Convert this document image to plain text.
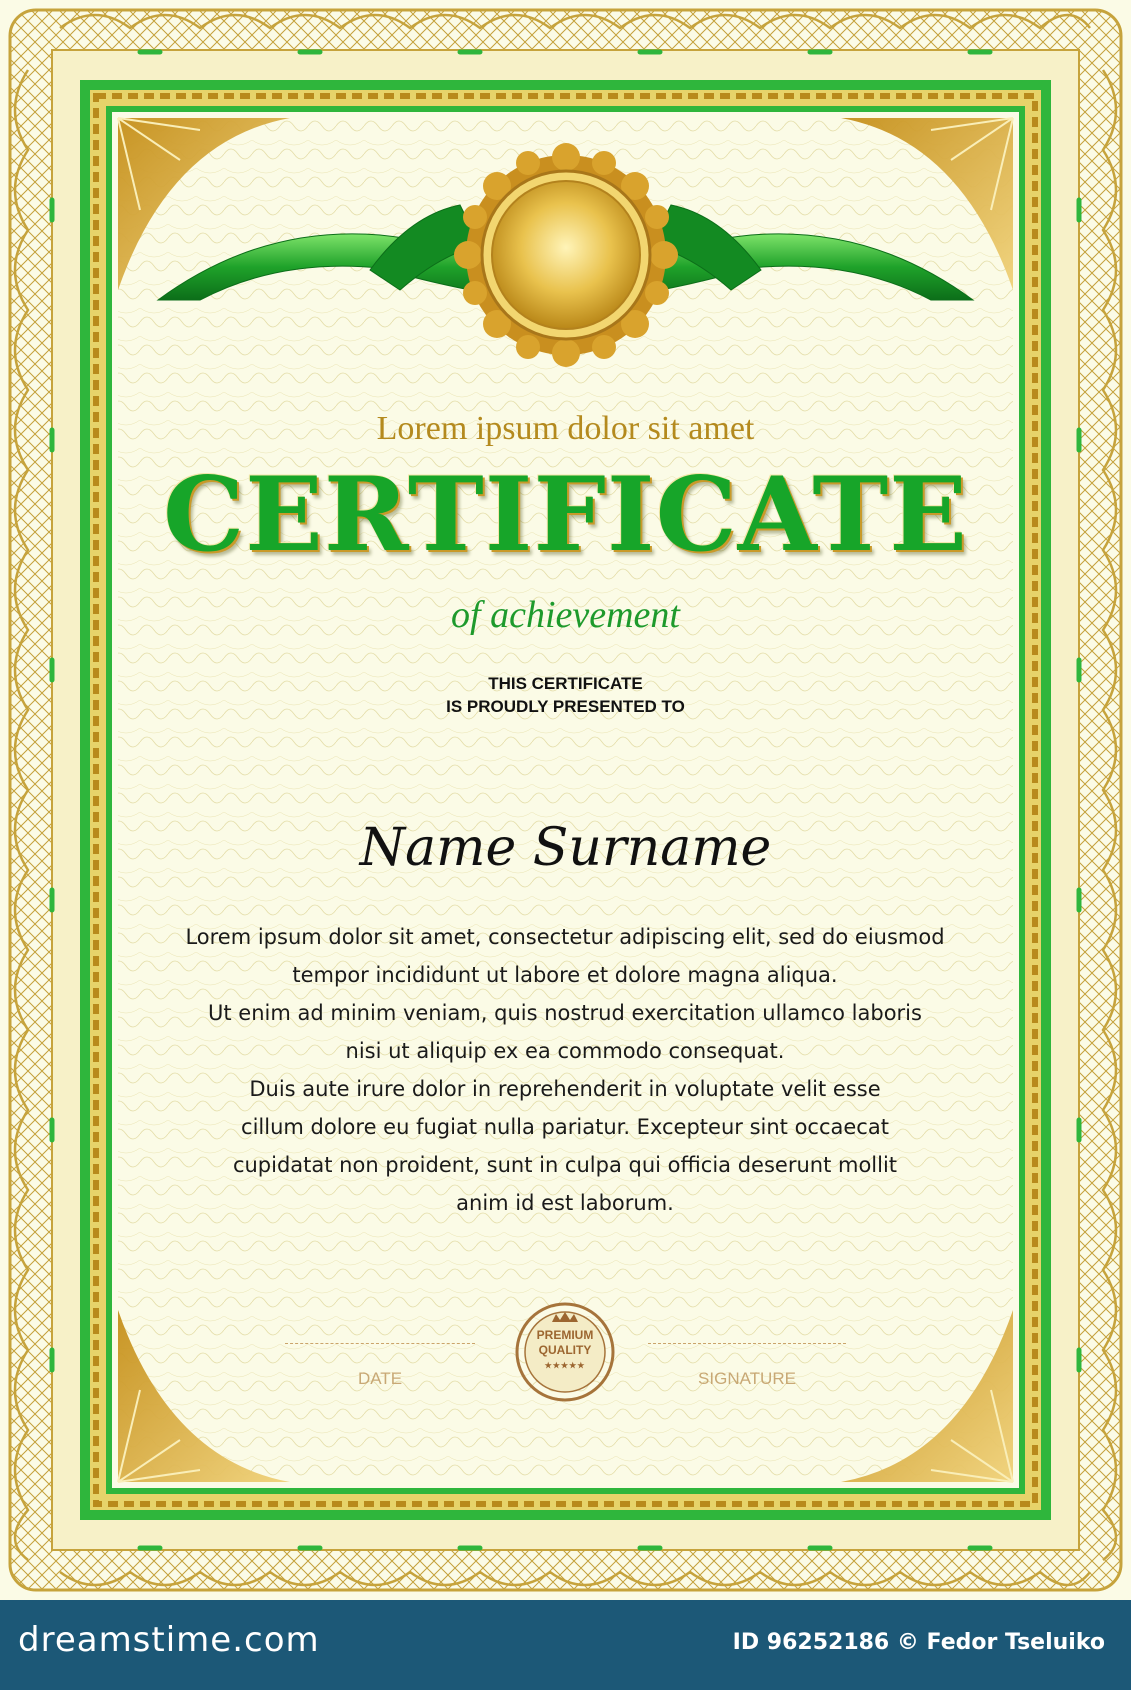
Lorem ipsum dolor sit amet
CERTIFICATE
of achievement
THIS CERTIFICATE
IS PROUDLY PRESENTED TO
Name Surname
Lorem ipsum dolor sit amet, consectetur adipiscing elit, sed do eiusmod
tempor incididunt ut labore et dolore magna aliqua.
Ut enim ad minim veniam, quis nostrud exercitation ullamco laboris
nisi ut aliquip ex ea commodo consequat.
Duis aute irure dolor in reprehenderit in voluptate velit esse
cillum dolore eu fugiat nulla pariatur. Excepteur sint occaecat
cupidatat non proident, sunt in culpa qui officia deserunt mollit
anim id est laborum.
DATE	SIGNATURE
PREMIUM
QUALITY
★★★★★
dreamstime.com	ID 96252186 © Fedor Tseluiko
